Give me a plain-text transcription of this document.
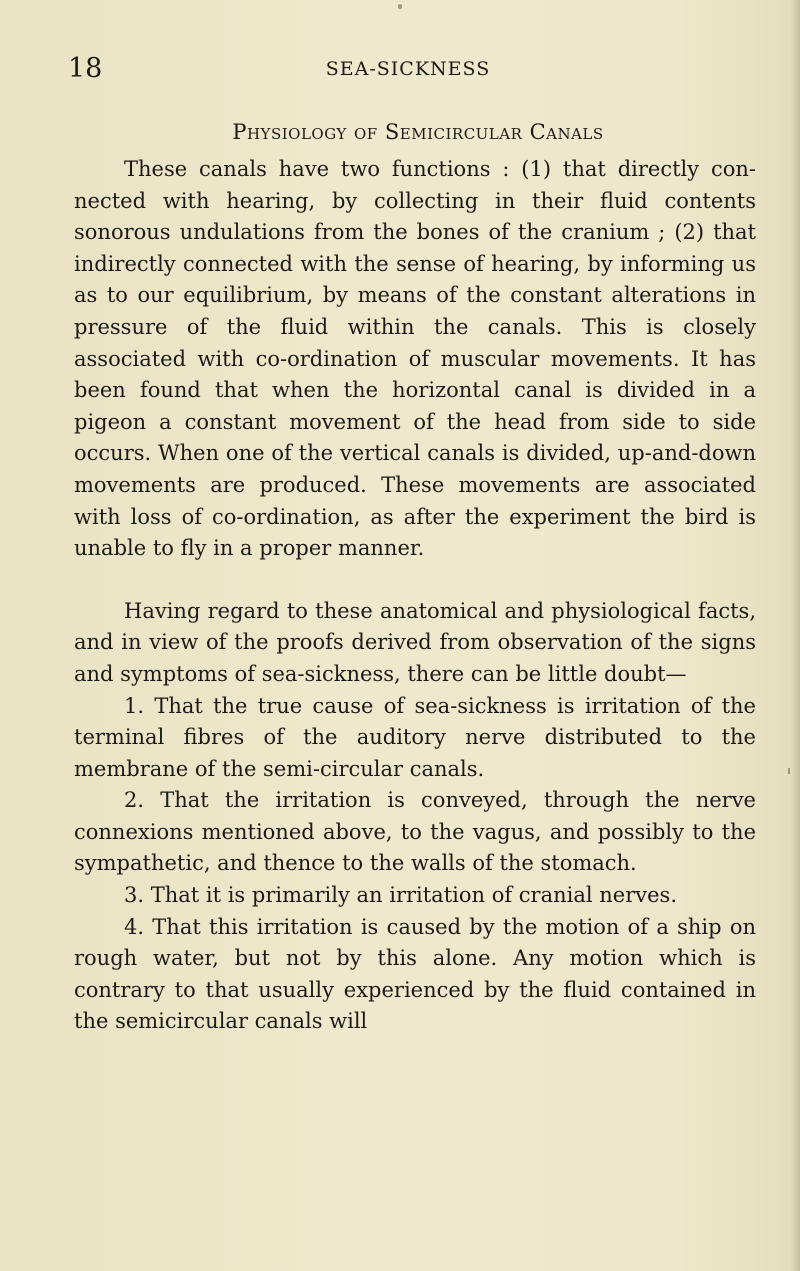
18	SEA-SICKNESS
Physiology of Semicircular Canals

These canals have two functions : (1) that directly connected with hearing, by collecting in their fluid contents sonorous undulations from the bones of the cranium ; (2) that indirectly connected with the sense of hearing, by informing us as to our equilibrium, by means of the constant alterations in pressure of the fluid within the canals. This is closely associated with co-ordination of muscular movements. It has been found that when the horizontal canal is divided in a pigeon a constant movement of the head from side to side occurs. When one of the vertical canals is divided, up-and-down movements are produced. These movements are associated with loss of co-ordination, as after the experiment the bird is unable to fly in a proper manner.

Having regard to these anatomical and physiological facts, and in view of the proofs derived from observation of the signs and symptoms of sea-sickness, there can be little doubt—

1. That the true cause of sea-sickness is irritation of the terminal fibres of the auditory nerve distributed to the membrane of the semi-circular canals.

2. That the irritation is conveyed, through the nerve connexions mentioned above, to the vagus, and possibly to the sympathetic, and thence to the walls of the stomach.

3. That it is primarily an irritation of cranial nerves.

4. That this irritation is caused by the motion of a ship on rough water, but not by this alone. Any motion which is contrary to that usually experienced by the fluid contained in the semicircular canals will
